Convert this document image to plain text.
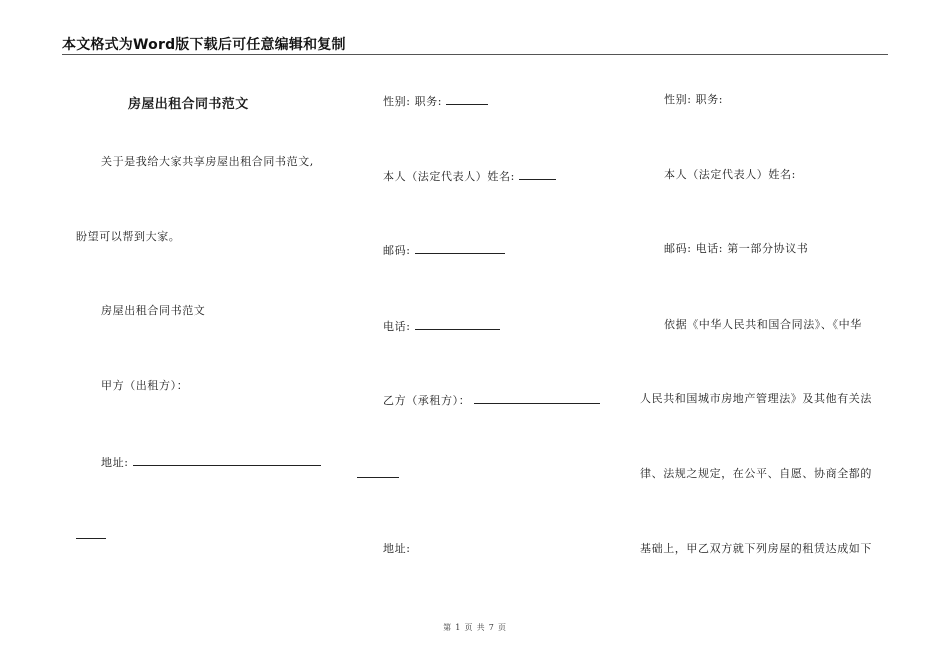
本文格式为Word版下载后可任意编辑和复制
房屋出租合同书范文
关于是我给大家共享房屋出租合同书范文,
盼望可以帮到大家。
房屋出租合同书范文
甲方（出租方）：
地址:
性别: 职务:
本人（法定代表人）姓名:
邮码:
电话:
乙方（承租方）：
地址:
性别: 职务:
本人（法定代表人）姓名:
邮码: 电话: 第一部分协议书
依据《中华人民共和国合同法》、《中华
人民共和国城市房地产管理法》及其他有关法
律、法规之规定，在公平、自愿、协商全都的
基础上，甲乙双方就下列房屋的租赁达成如下
第 1 页 共 7 页
